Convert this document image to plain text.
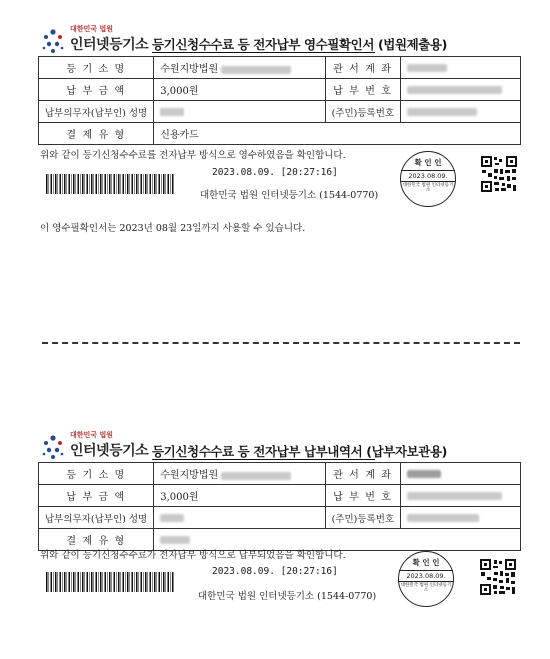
대한민국 법원
인터넷등기소 등기신청수수료 등 전자납부 영수필확인서 (법원제출용)
등 기 소 명	수원지방법원	관 서 계 좌	
납 부 금 액	3,000원	납 부 번 호	
납부의무자(납부인) 성명		(주민)등록번호	
결 제 유 형	신용카드		
위와 같이 등기신청수수료를 전자납부 방식으로 영수하였음을 확인합니다.
2023.08.09. [20:27:16]
대한민국 법원 인터넷등기소 (1544-0770)
확 인 인
2023.08.09.
대한민국 법원 인터넷등기소
이 영수필확인서는 2023년 08월 23일까지 사용할 수 있습니다.
대한민국 법원
인터넷등기소 등기신청수수료 등 전자납부 납부내역서 (납부자보관용)
등 기 소 명	수원지방법원	관 서 계 좌	
납 부 금 액	3,000원	납 부 번 호	
납부의무자(납부인) 성명		(주민)등록번호	
결 제 유 형			
위와 같이 등기신청수수료가 전자납부 방식으로 납부되었음을 확인합니다.
2023.08.09. [20:27:16]
대한민국 법원 인터넷등기소 (1544-0770)
확 인 인
2023.08.09.
대한민국 법원 인터넷등기소
